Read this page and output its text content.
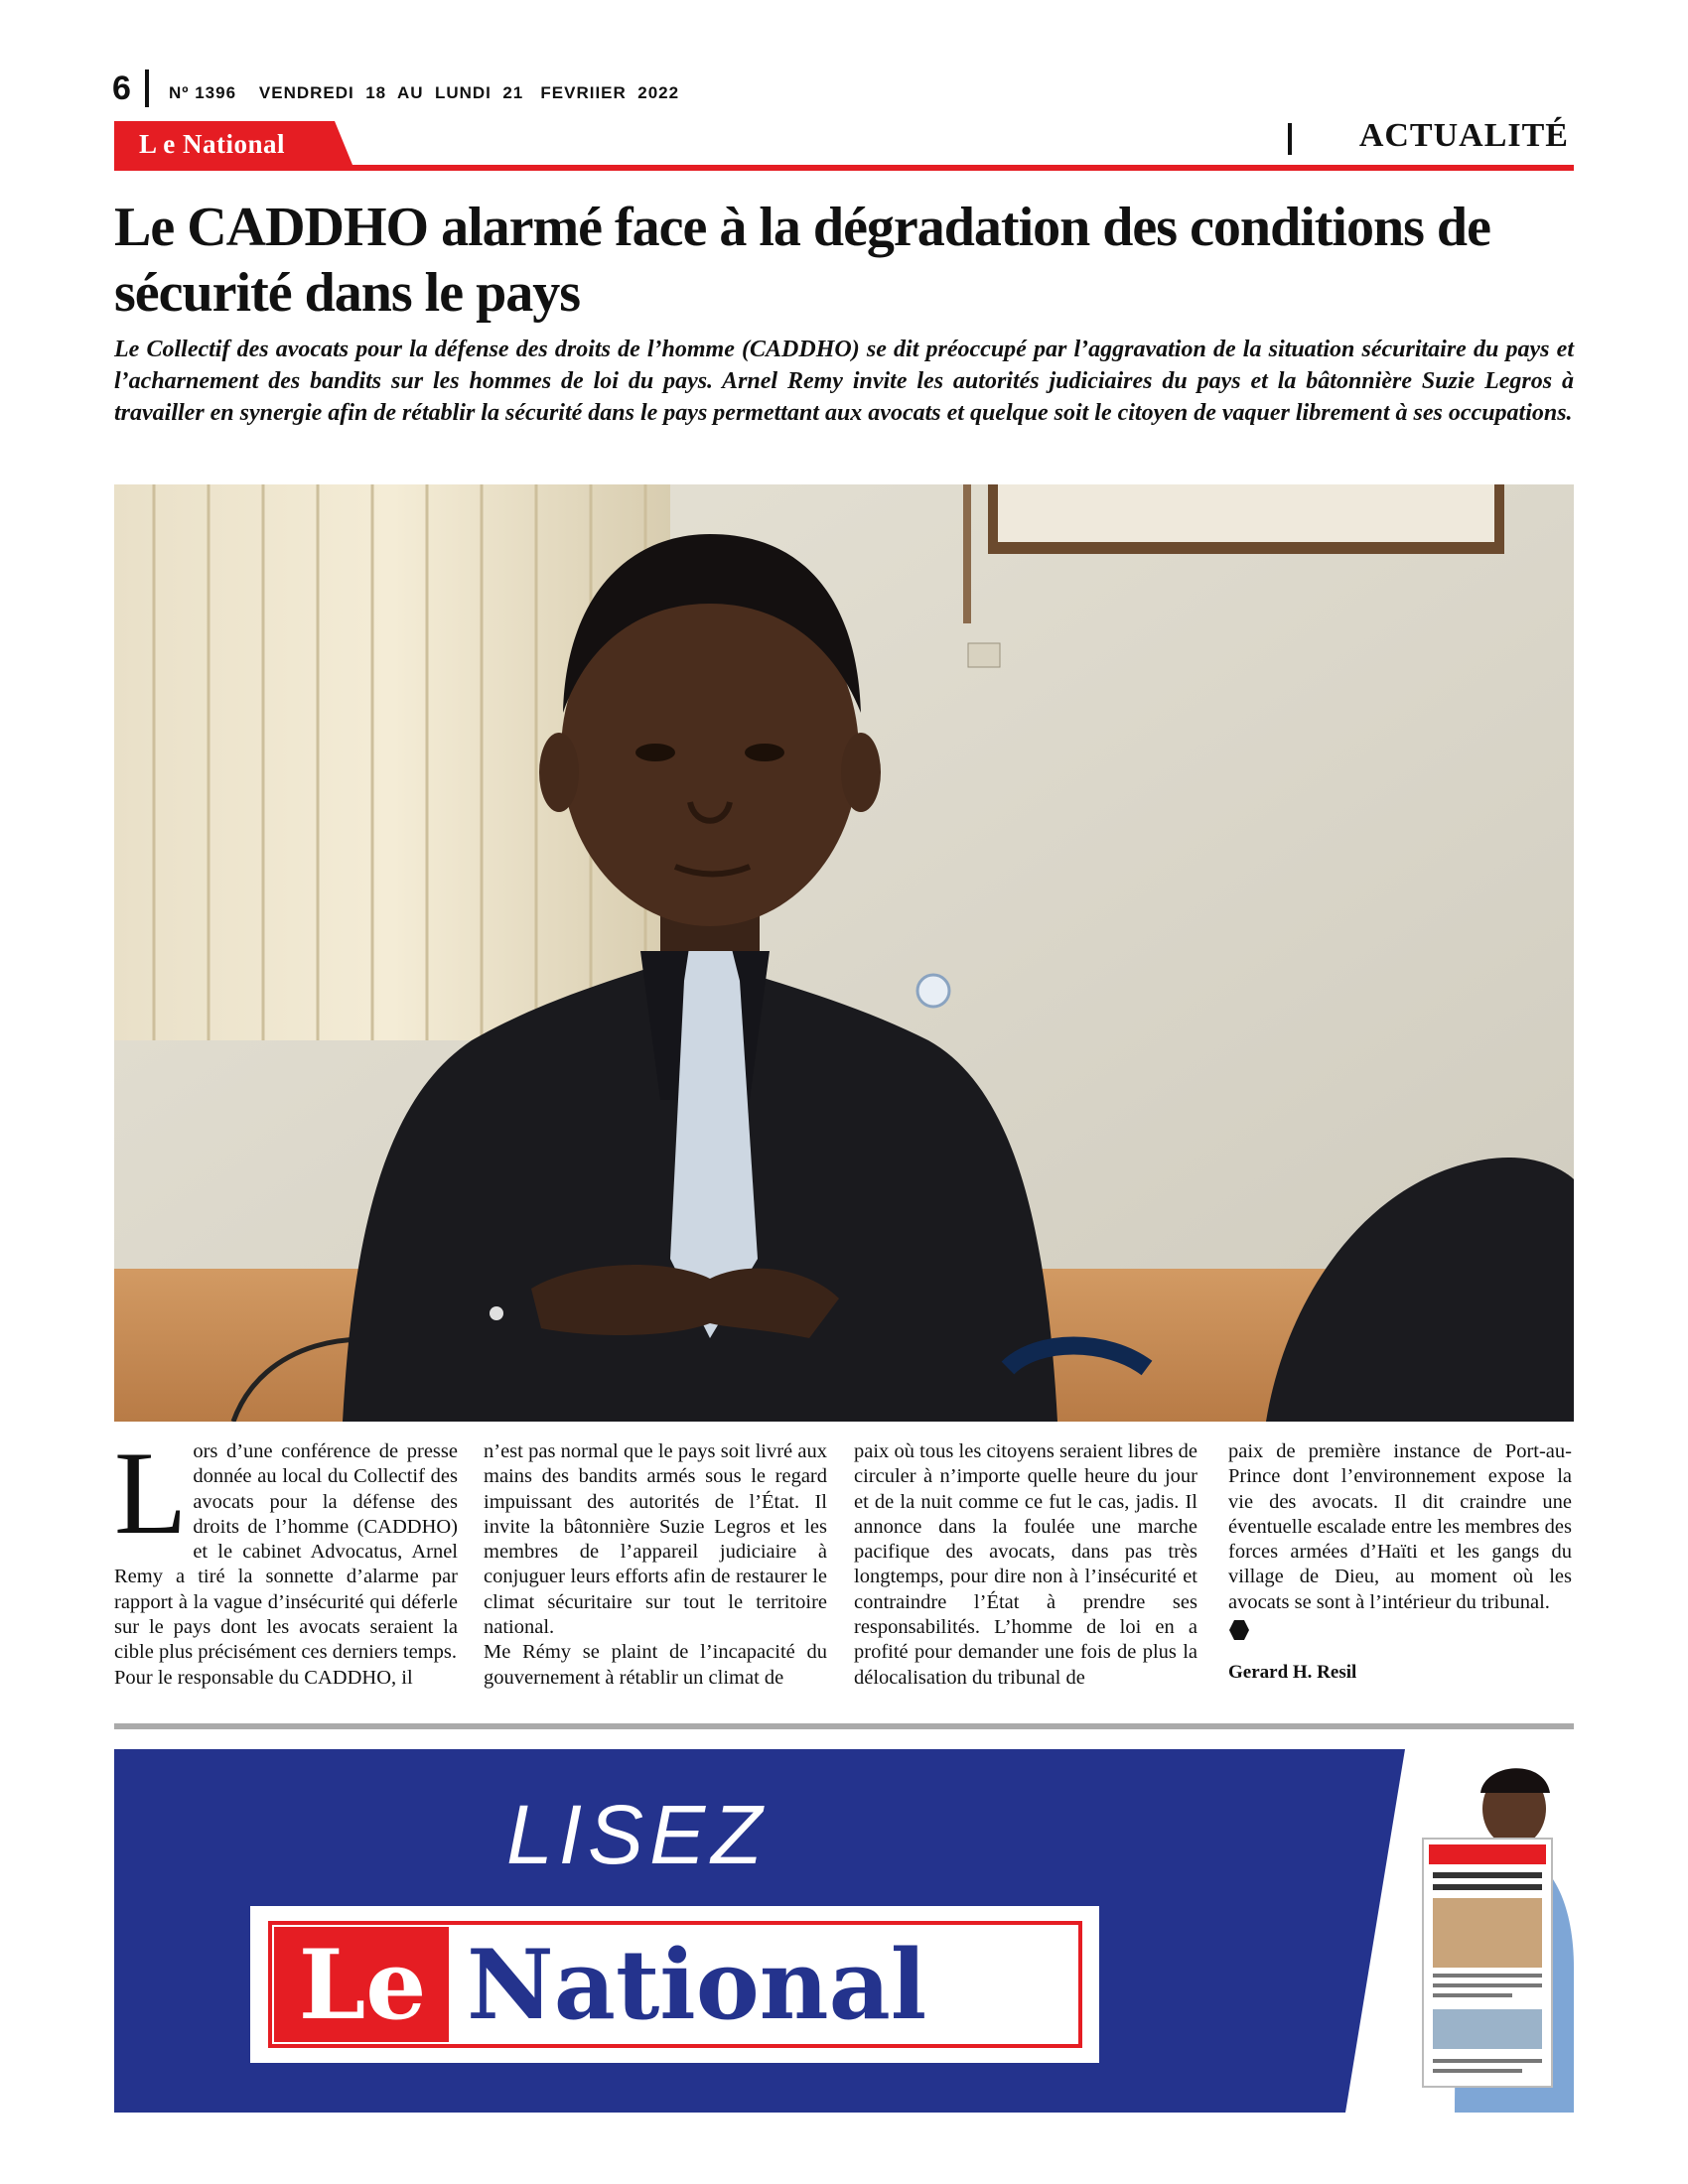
6 Nº 1396    VENDREDI  18  AU  LUNDI  21   FEVRIIER  2022
L e National	ACTUALITÉ
Le CADDHO alarmé face à la dégradation des conditions de sécurité dans le pays
Le Collectif des avocats pour la défense des droits de l’homme (CADDHO) se dit préoccupé par l’aggravation de la situation sécuritaire du pays et l’acharnement des bandits sur les hommes de loi du pays. Arnel Remy invite les autorités judiciaires du pays et la bâtonnière Suzie Legros à travailler en synergie afin de rétablir la sécurité dans le pays permettant aux avocats et quelque soit le citoyen de vaquer librement à ses occupations.

Lors d’une conférence de presse donnée au local du Collectif des avocats pour la défense des droits de l’homme (CADDHO) et le cabinet Advocatus, Arnel Remy a tiré la sonnette d’alarme par rapport à la vague d’insécurité qui déferle sur le pays dont les avocats seraient la cible plus précisément ces derniers temps.

Pour le responsable du CADDHO, il

n’est pas normal que le pays soit livré aux mains des bandits armés sous le regard impuissant des autorités de l’État. Il invite la bâtonnière Suzie Legros et les membres de l’appareil judiciaire à conjuguer leurs efforts afin de restaurer le climat sécuritaire sur tout le territoire national.

Me Rémy se plaint de l’incapacité du gouvernement à rétablir un climat de

paix où tous les citoyens seraient libres de circuler à n’importe quelle heure du jour et de la nuit comme ce fut le cas, jadis. Il annonce dans la foulée une marche pacifique des avocats, dans pas très longtemps, pour dire non à l’insécurité et contraindre l’État à prendre ses responsabilités. L’homme de loi en a profité pour demander une fois de plus la délocalisation du tribunal de

paix de première instance de Port-au-Prince dont l’environnement expose la vie des avocats. Il dit craindre une éventuelle escalade entre les membres des forces armées d’Haïti et les gangs du village de Dieu, au moment où les avocats se sont à l’intérieur du tribunal.

Gerard H. Resil
LISEZ
Le National
